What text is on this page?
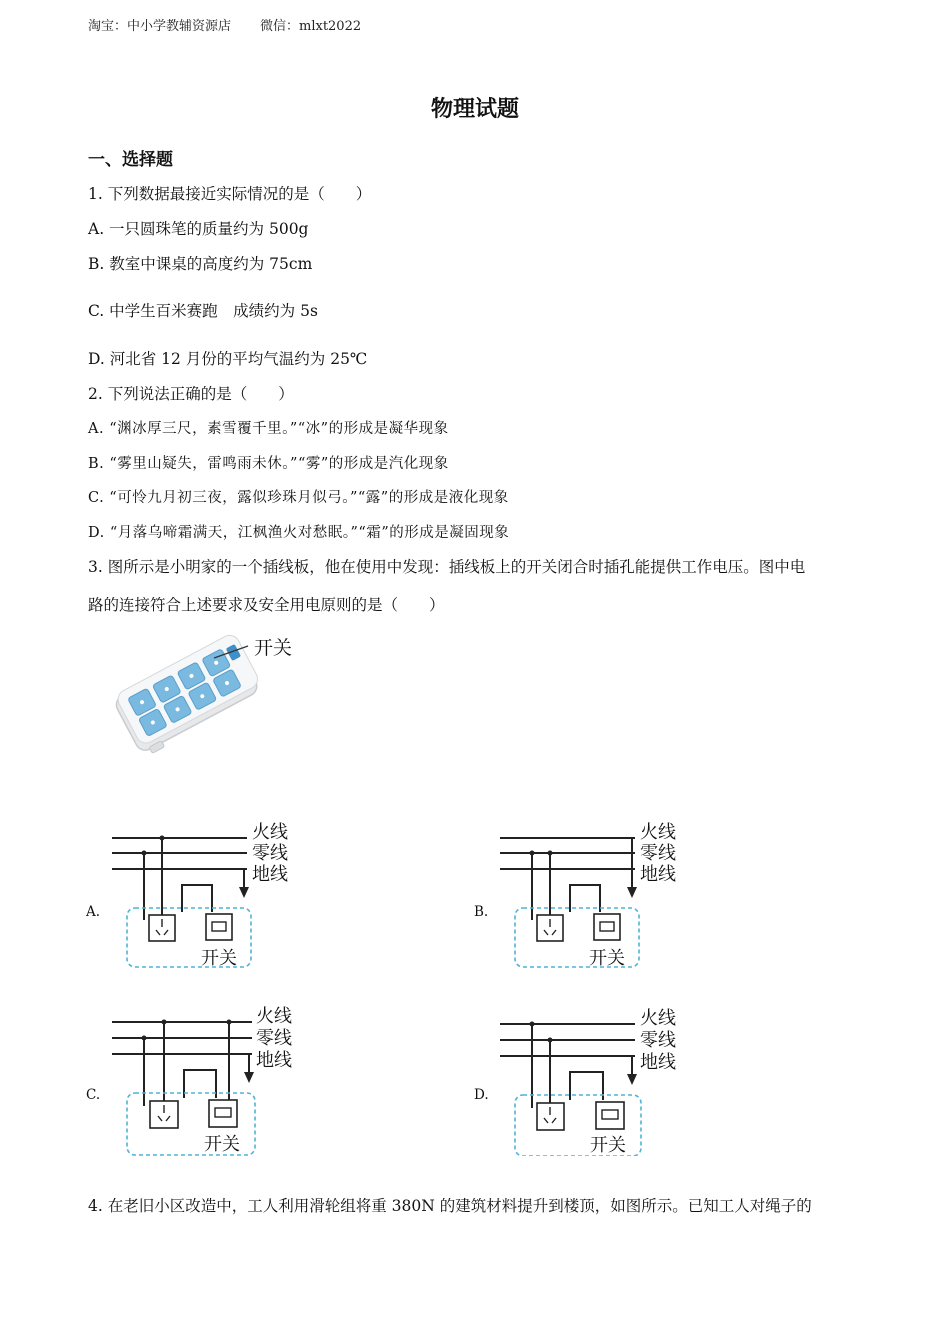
淘宝：中小学教辅资源店 微信：mlxt2022
物理试题
一、选择题
1. 下列数据最接近实际情况的是（　　）
A. 一只圆珠笔的质量约为 500g
B. 教室中课桌的高度约为 75cm
C. 中学生百米赛跑　成绩约为 5s
D. 河北省 12 月份的平均气温约为 25℃
2. 下列说法正确的是（　　）
A. “渊冰厚三尺，素雪覆千里。”“冰”的形成是凝华现象
B. “雾里山疑失，雷鸣雨未休。”“雾”的形成是汽化现象
C. “可怜九月初三夜，露似珍珠月似弓。”“露”的形成是液化现象
D. “月落乌啼霜满天，江枫渔火对愁眠。”“霜”的形成是凝固现象
3. 图所示是小明家的一个插线板，他在使用中发现：插线板上的开关闭合时插孔能提供工作电压。图中电
路的连接符合上述要求及安全用电原则的是（　　）
开关
A.
火线
零线
地线
开关
B.
火线
零线
地线
开关
C.
火线
零线
地线
开关
D.
火线
零线
地线
开关
4. 在老旧小区改造中，工人利用滑轮组将重 380N 的建筑材料提升到楼顶，如图所示。已知工人对绳子的
